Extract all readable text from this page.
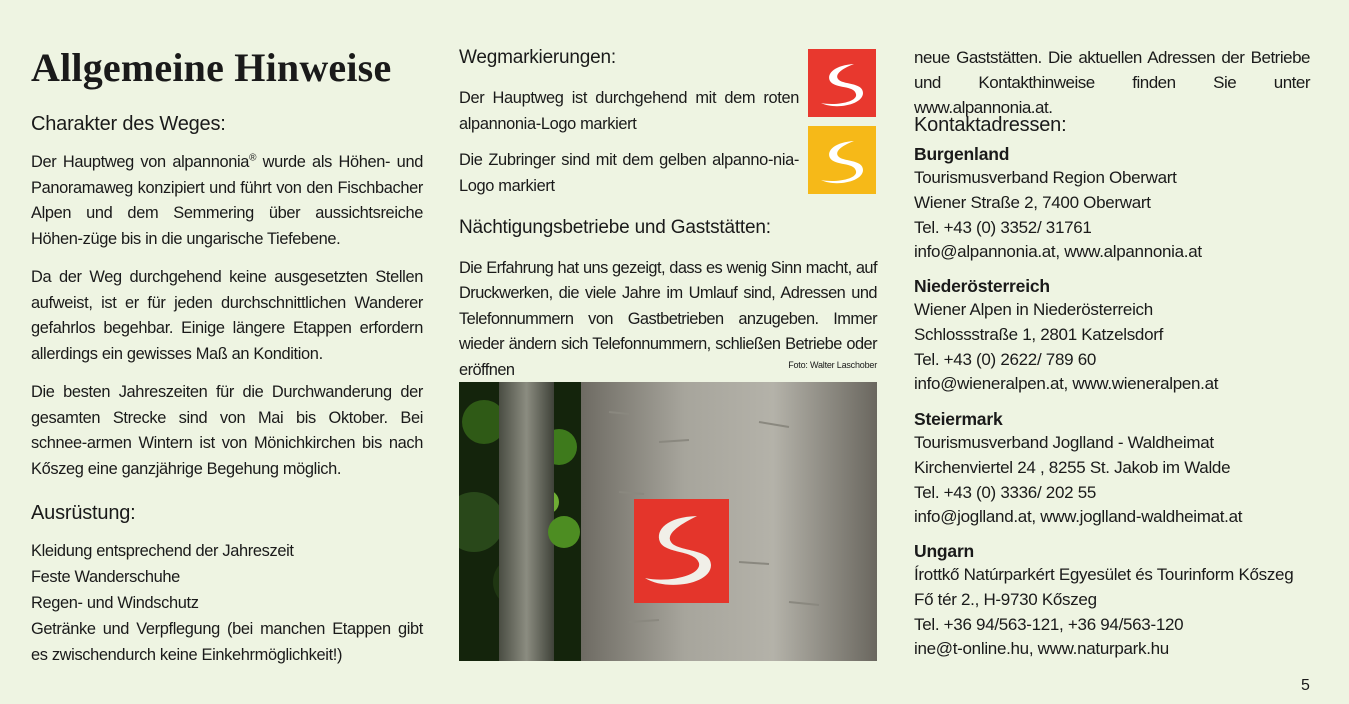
Allgemeine Hinweise
Charakter des Weges:
Der Hauptweg von alpannonia® wurde als Höhen- und Panoramaweg konzipiert und führt von den Fischbacher Alpen und dem Semmering über aussichtsreiche Höhen-züge bis in die ungarische Tiefebene.
Da der Weg durchgehend keine ausgesetzten Stellen aufweist, ist er für jeden durchschnittlichen Wanderer gefahrlos begehbar. Einige längere Etappen erfordern allerdings ein gewisses Maß an Kondition.
Die besten Jahreszeiten für die Durchwanderung der gesamten Strecke sind von Mai bis Oktober. Bei schnee-armen Wintern ist von Mönichkirchen bis nach Kőszeg eine ganzjährige Begehung möglich.
Ausrüstung:
Kleidung entsprechend der Jahreszeit
Feste Wanderschuhe
Regen- und Windschutz
Getränke und Verpflegung (bei manchen Etappen gibt es zwischendurch keine Einkehrmöglichkeit!)
Wegmarkierungen:
Der Hauptweg ist durchgehend mit dem roten alpannonia-Logo markiert
Die Zubringer sind mit dem gelben alpanno-nia-Logo markiert
Nächtigungsbetriebe und Gaststätten:
Die Erfahrung hat uns gezeigt, dass es wenig Sinn macht, auf Druckwerken, die viele Jahre im Umlauf sind, Adressen und Telefonnummern von Gastbetrieben anzugeben. Immer wieder ändern sich Telefonnummern, schließen Betriebe oder eröffnen	Foto: Walter Laschober
neue Gaststätten. Die aktuellen Adressen der Betriebe und Kontakthinweise finden Sie unter www.alpannonia.at.
Kontaktadressen:
Burgenland
Tourismusverband Region Oberwart
Wiener Straße 2, 7400 Oberwart
Tel. +43 (0) 3352/ 31761
info@alpannonia.at, www.alpannonia.at
Niederösterreich
Wiener Alpen in Niederösterreich
Schlossstraße 1, 2801 Katzelsdorf
Tel. +43 (0) 2622/ 789 60
info@wieneralpen.at, www.wieneralpen.at
Steiermark
Tourismusverband Joglland - Waldheimat
Kirchenviertel 24 , 8255 St. Jakob im Walde
Tel. +43 (0) 3336/ 202 55
info@joglland.at, www.joglland-waldheimat.at
Ungarn
Írottkő Natúrparkért Egyesület és Tourinform Kőszeg
Fő tér 2., H-9730 Kőszeg
Tel. +36 94/563-121, +36 94/563-120
ine@t-online.hu, www.naturpark.hu
5
